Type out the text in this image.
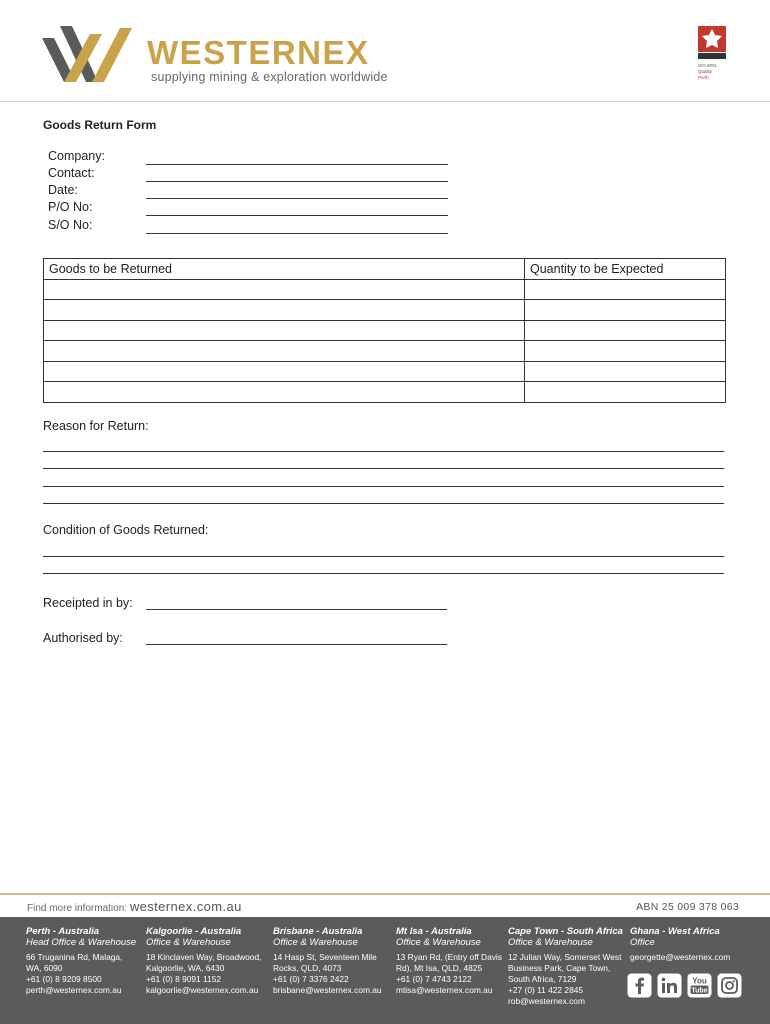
WESTERNEX
supplying mining & exploration worldwide
ISO 9001
Quality
Perth
Goods Return Form
Company:
Contact:
Date:
P/O No:
S/O No:
Goods to be Returned	Quantity to be Expected

Reason for Return:
Condition of Goods Returned:
Receipted in by:
Authorised by:
Find more information: westernex.com.au	ABN 25 009 378 063
Perth - Australia
Head Office & Warehouse
66 Truganina Rd, Malaga,
WA, 6090
+61 (0) 8 9209 8500
perth@westernex.com.au
Kalgoorlie - Australia
Office & Warehouse
18 Kinclaven Way, Broadwood,
Kalgoorlie, WA, 6430
+61 (0) 8 9091 1152
kalgoorlie@westernex.com.au
Brisbane - Australia
Office & Warehouse
14 Hasp St, Seventeen Mile
Rocks, QLD, 4073
+61 (0) 7 3376 2422
brisbane@westernex.com.au
Mt Isa - Australia
Office & Warehouse
13 Ryan Rd, (Entry off Davis
Rd), Mt Isa, QLD, 4825
+61 (0) 7 4743 2122
mtisa@westernex.com.au
Cape Town - South Africa
Office & Warehouse
12 Julian Way, Somerset West
Business Park, Cape Town,
South Africa, 7129
+27 (0) 11 422 2845
rob@westernex.com
Ghana - West Africa
Office
georgette@westernex.com
You
Tube
